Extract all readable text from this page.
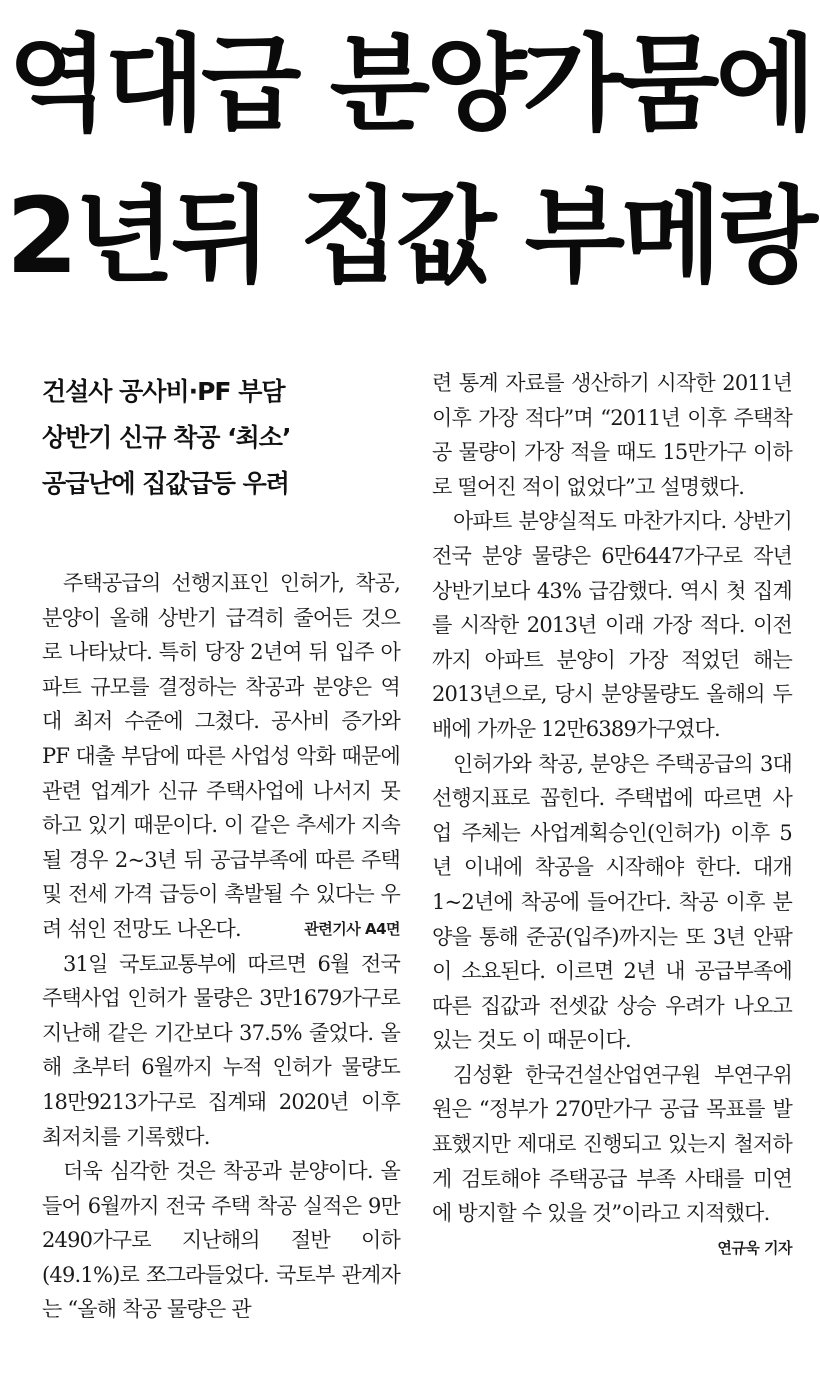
역대급 분양가뭄에
2년뒤 집값 부메랑
건설사 공사비·PF 부담
상반기 신규 착공 ‘최소’
공급난에 집값급등 우려

주택공급의 선행지표인 인허가, 착공, 분양이 올해 상반기 급격히 줄어든 것으로 나타났다. 특히 당장 2년여 뒤 입주 아파트 규모를 결정하는 착공과 분양은 역대 최저 수준에 그쳤다. 공사비 증가와 PF 대출 부담에 따른 사업성 악화 때문에 관련 업계가 신규 주택사업에 나서지 못하고 있기 때문이다. 이 같은 추세가 지속될 경우 2~3년 뒤 공급부족에 따른 주택 및 전세 가격 급등이 촉발될 수 있다는 우려 섞인 전망도 나온다.	관련기사 A4면

31일 국토교통부에 따르면 6월 전국 주택사업 인허가 물량은 3만1679가구로 지난해 같은 기간보다 37.5% 줄었다. 올해 초부터 6월까지 누적 인허가 물량도 18만9213가구로 집계돼 2020년 이후 최저치를 기록했다.

더욱 심각한 것은 착공과 분양이다. 올 들어 6월까지 전국 주택 착공 실적은 9만2490가구로 지난해의 절반 이하(49.1%)로 쪼그라들었다. 국토부 관계자는 “올해 착공 물량은 관

련 통계 자료를 생산하기 시작한 2011년 이후 가장 적다”며 “2011년 이후 주택착공 물량이 가장 적을 때도 15만가구 이하로 떨어진 적이 없었다”고 설명했다.

아파트 분양실적도 마찬가지다. 상반기 전국 분양 물량은 6만6447가구로 작년 상반기보다 43% 급감했다. 역시 첫 집계를 시작한 2013년 이래 가장 적다. 이전까지 아파트 분양이 가장 적었던 해는 2013년으로, 당시 분양물량도 올해의 두 배에 가까운 12만6389가구였다.

인허가와 착공, 분양은 주택공급의 3대 선행지표로 꼽힌다. 주택법에 따르면 사업 주체는 사업계획승인(인허가) 이후 5년 이내에 착공을 시작해야 한다. 대개 1~2년에 착공에 들어간다. 착공 이후 분양을 통해 준공(입주)까지는 또 3년 안팎이 소요된다. 이르면 2년 내 공급부족에 따른 집값과 전셋값 상승 우려가 나오고 있는 것도 이 때문이다.

김성환 한국건설산업연구원 부연구위원은 “정부가 270만가구 공급 목표를 발표했지만 제대로 진행되고 있는지 철저하게 검토해야 주택공급 부족 사태를 미연에 방지할 수 있을 것”이라고 지적했다.
연규욱 기자
